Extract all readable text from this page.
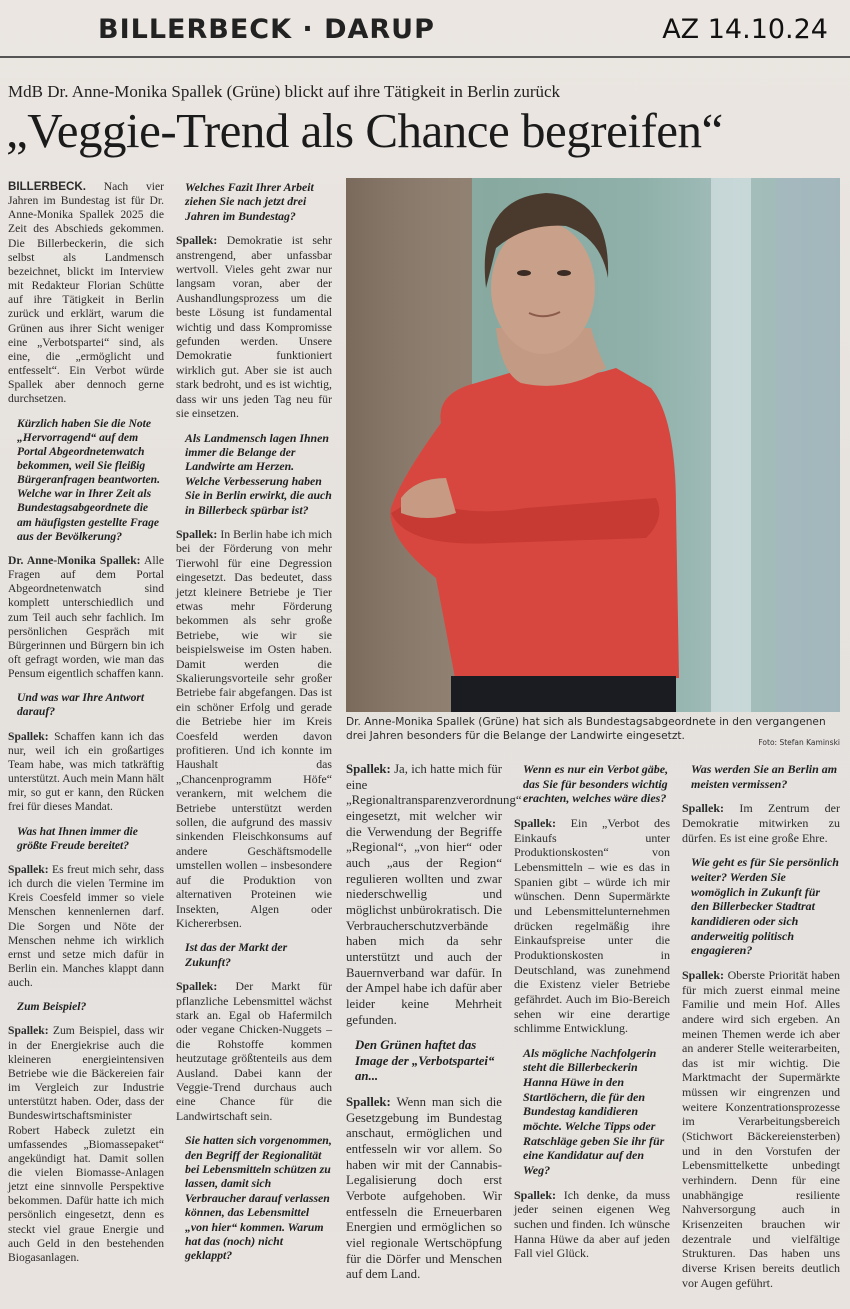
BILLERBECK · DARUP	AZ 14.10.24
MdB Dr. Anne-Monika Spallek (Grüne) blickt auf ihre Tätigkeit in Berlin zurück
„Veggie-Trend als Chance begreifen“

BILLERBECK. Nach vier Jahren im Bundestag ist für Dr. Anne-Monika Spallek 2025 die Zeit des Abschieds gekommen. Die Billerbeckerin, die sich selbst als Landmensch bezeichnet, blickt im Interview mit Redakteur Florian Schütte auf ihre Tätigkeit in Berlin zurück und erklärt, warum die Grünen aus ihrer Sicht weniger eine „Verbotspartei“ sind, als eine, die „ermöglicht und entfesselt“. Ein Verbot würde Spallek aber dennoch gerne durchsetzen.

Kürzlich haben Sie die Note „Hervorragend“ auf dem Portal Abgeordnetenwatch bekommen, weil Sie fleißig Bürgeranfragen beantworten. Welche war in Ihrer Zeit als Bundestagsabgeordnete die am häufigsten gestellte Frage aus der Bevölkerung?

Dr. Anne-Monika Spallek: Alle Fragen auf dem Portal Abgeordnetenwatch sind komplett unterschiedlich und zum Teil auch sehr fachlich. Im persönlichen Gespräch mit Bürgerinnen und Bürgern bin ich oft gefragt worden, wie man das Pensum eigentlich schaffen kann.

Und was war Ihre Antwort darauf?

Spallek: Schaffen kann ich das nur, weil ich ein großartiges Team habe, was mich tatkräftig unterstützt. Auch mein Mann hält mir, so gut er kann, den Rücken frei für dieses Mandat.

Was hat Ihnen immer die größte Freude bereitet?

Spallek: Es freut mich sehr, dass ich durch die vielen Termine im Kreis Coesfeld immer so viele Menschen kennenlernen darf. Die Sorgen und Nöte der Menschen nehme ich wirklich ernst und setze mich dafür in Berlin ein. Manches klappt dann auch.

Zum Beispiel?

Spallek: Zum Beispiel, dass wir in der Energiekrise auch die kleineren energieintensiven Betriebe wie die Bäckereien fair im Vergleich zur Industrie unterstützt haben. Oder, dass der Bundeswirtschaftsminister Robert Habeck zuletzt ein umfassendes „Biomassepaket“ angekündigt hat. Damit sollen die vielen Biomasse-Anlagen jetzt eine sinnvolle Perspektive bekommen. Dafür hatte ich mich persönlich eingesetzt, denn es steckt viel graue Energie und auch Geld in den bestehenden Biogasanlagen.

Welches Fazit Ihrer Arbeit ziehen Sie nach jetzt drei Jahren im Bundestag?

Spallek: Demokratie ist sehr anstrengend, aber unfassbar wertvoll. Vieles geht zwar nur langsam voran, aber der Aushandlungsprozess um die beste Lösung ist fundamental wichtig und dass Kompromisse gefunden werden. Unsere Demokratie funktioniert wirklich gut. Aber sie ist auch stark bedroht, und es ist wichtig, dass wir uns jeden Tag neu für sie einsetzen.

Als Landmensch lagen Ihnen immer die Belange der Landwirte am Herzen. Welche Verbesserung haben Sie in Berlin erwirkt, die auch in Billerbeck spürbar ist?

Spallek: In Berlin habe ich mich bei der Förderung von mehr Tierwohl für eine Degression eingesetzt. Das bedeutet, dass jetzt kleinere Betriebe je Tier etwas mehr Förderung bekommen als sehr große Betriebe, wie wir sie beispielsweise im Osten haben. Damit werden die Skalierungsvorteile sehr großer Betriebe fair abgefangen. Das ist ein schöner Erfolg und gerade die Betriebe hier im Kreis Coesfeld werden davon profitieren. Und ich konnte im Haushalt das „Chancenprogramm Höfe“ verankern, mit welchem die Betriebe unterstützt werden sollen, die aufgrund des massiv sinkenden Fleischkonsums auf andere Geschäftsmodelle umstellen wollen – insbesondere auf die Produktion von alternativen Proteinen wie Insekten, Algen oder Kichererbsen.

Ist das der Markt der Zukunft?

Spallek: Der Markt für pflanzliche Lebensmittel wächst stark an. Egal ob Hafermilch oder vegane Chicken-Nuggets – die Rohstoffe kommen heutzutage größtenteils aus dem Ausland. Dabei kann der Veggie-Trend durchaus auch eine Chance für die Landwirtschaft sein.

Sie hatten sich vorgenommen, den Begriff der Regionalität bei Lebensmitteln schützen zu lassen, damit sich Verbraucher darauf verlassen können, das Lebensmittel „von hier“ kommen. Warum hat das (noch) nicht geklappt?

Dr. Anne-Monika Spallek (Grüne) hat sich als Bundestagsabgeordnete in den vergangenen drei Jahren besonders für die Belange der Landwirte eingesetzt.
Foto: Stefan Kaminski

Spallek: Ja, ich hatte mich für eine „Regionaltransparenzverordnung“ eingesetzt, mit welcher wir die Verwendung der Begriffe „Regional“, „von hier“ oder auch „aus der Region“ regulieren wollten und zwar niederschwellig und möglichst unbürokratisch. Die Verbraucherschutzverbände haben mich da sehr unterstützt und auch der Bauernverband war dafür. In der Ampel habe ich dafür aber leider keine Mehrheit gefunden.

Den Grünen haftet das Image der „Verbotspartei“ an...

Spallek: Wenn man sich die Gesetzgebung im Bundestag anschaut, ermöglichen und entfesseln wir vor allem. So haben wir mit der Cannabis-Legalisierung doch erst Verbote aufgehoben. Wir entfesseln die Erneuerbaren Energien und ermöglichen so viel regionale Wertschöpfung für die Dörfer und Menschen auf dem Land.

Wenn es nur ein Verbot gäbe, das Sie für besonders wichtig erachten, welches wäre dies?

Spallek: Ein „Verbot des Einkaufs unter Produktionskosten“ von Lebensmitteln – wie es das in Spanien gibt – würde ich mir wünschen. Denn Supermärkte und Lebensmittelunternehmen drücken regelmäßig ihre Einkaufspreise unter die Produktionskosten in Deutschland, was zunehmend die Existenz vieler Betriebe gefährdet. Auch im Bio-Bereich sehen wir eine derartige schlimme Entwicklung.

Als mögliche Nachfolgerin steht die Billerbeckerin Hanna Hüwe in den Startlöchern, die für den Bundestag kandidieren möchte. Welche Tipps oder Ratschläge geben Sie ihr für eine Kandidatur auf den Weg?

Spallek: Ich denke, da muss jeder seinen eigenen Weg suchen und finden. Ich wünsche Hanna Hüwe da aber auf jeden Fall viel Glück.

Was werden Sie an Berlin am meisten vermissen?

Spallek: Im Zentrum der Demokratie mitwirken zu dürfen. Es ist eine große Ehre.

Wie geht es für Sie persönlich weiter? Werden Sie womöglich in Zukunft für den Billerbecker Stadtrat kandidieren oder sich anderweitig politisch engagieren?

Spallek: Oberste Priorität haben für mich zuerst einmal meine Familie und mein Hof. Alles andere wird sich ergeben. An meinen Themen werde ich aber an anderer Stelle weiterarbeiten, das ist mir wichtig. Die Marktmacht der Supermärkte müssen wir eingrenzen und weitere Konzentrationsprozesse im Verarbeitungsbereich (Stichwort Bäckereiensterben) und in den Vorstufen der Lebensmittelkette unbedingt verhindern. Denn für eine unabhängige resiliente Nahversorgung auch in Krisenzeiten brauchen wir dezentrale und vielfältige Strukturen. Das haben uns diverse Krisen bereits deutlich vor Augen geführt.
